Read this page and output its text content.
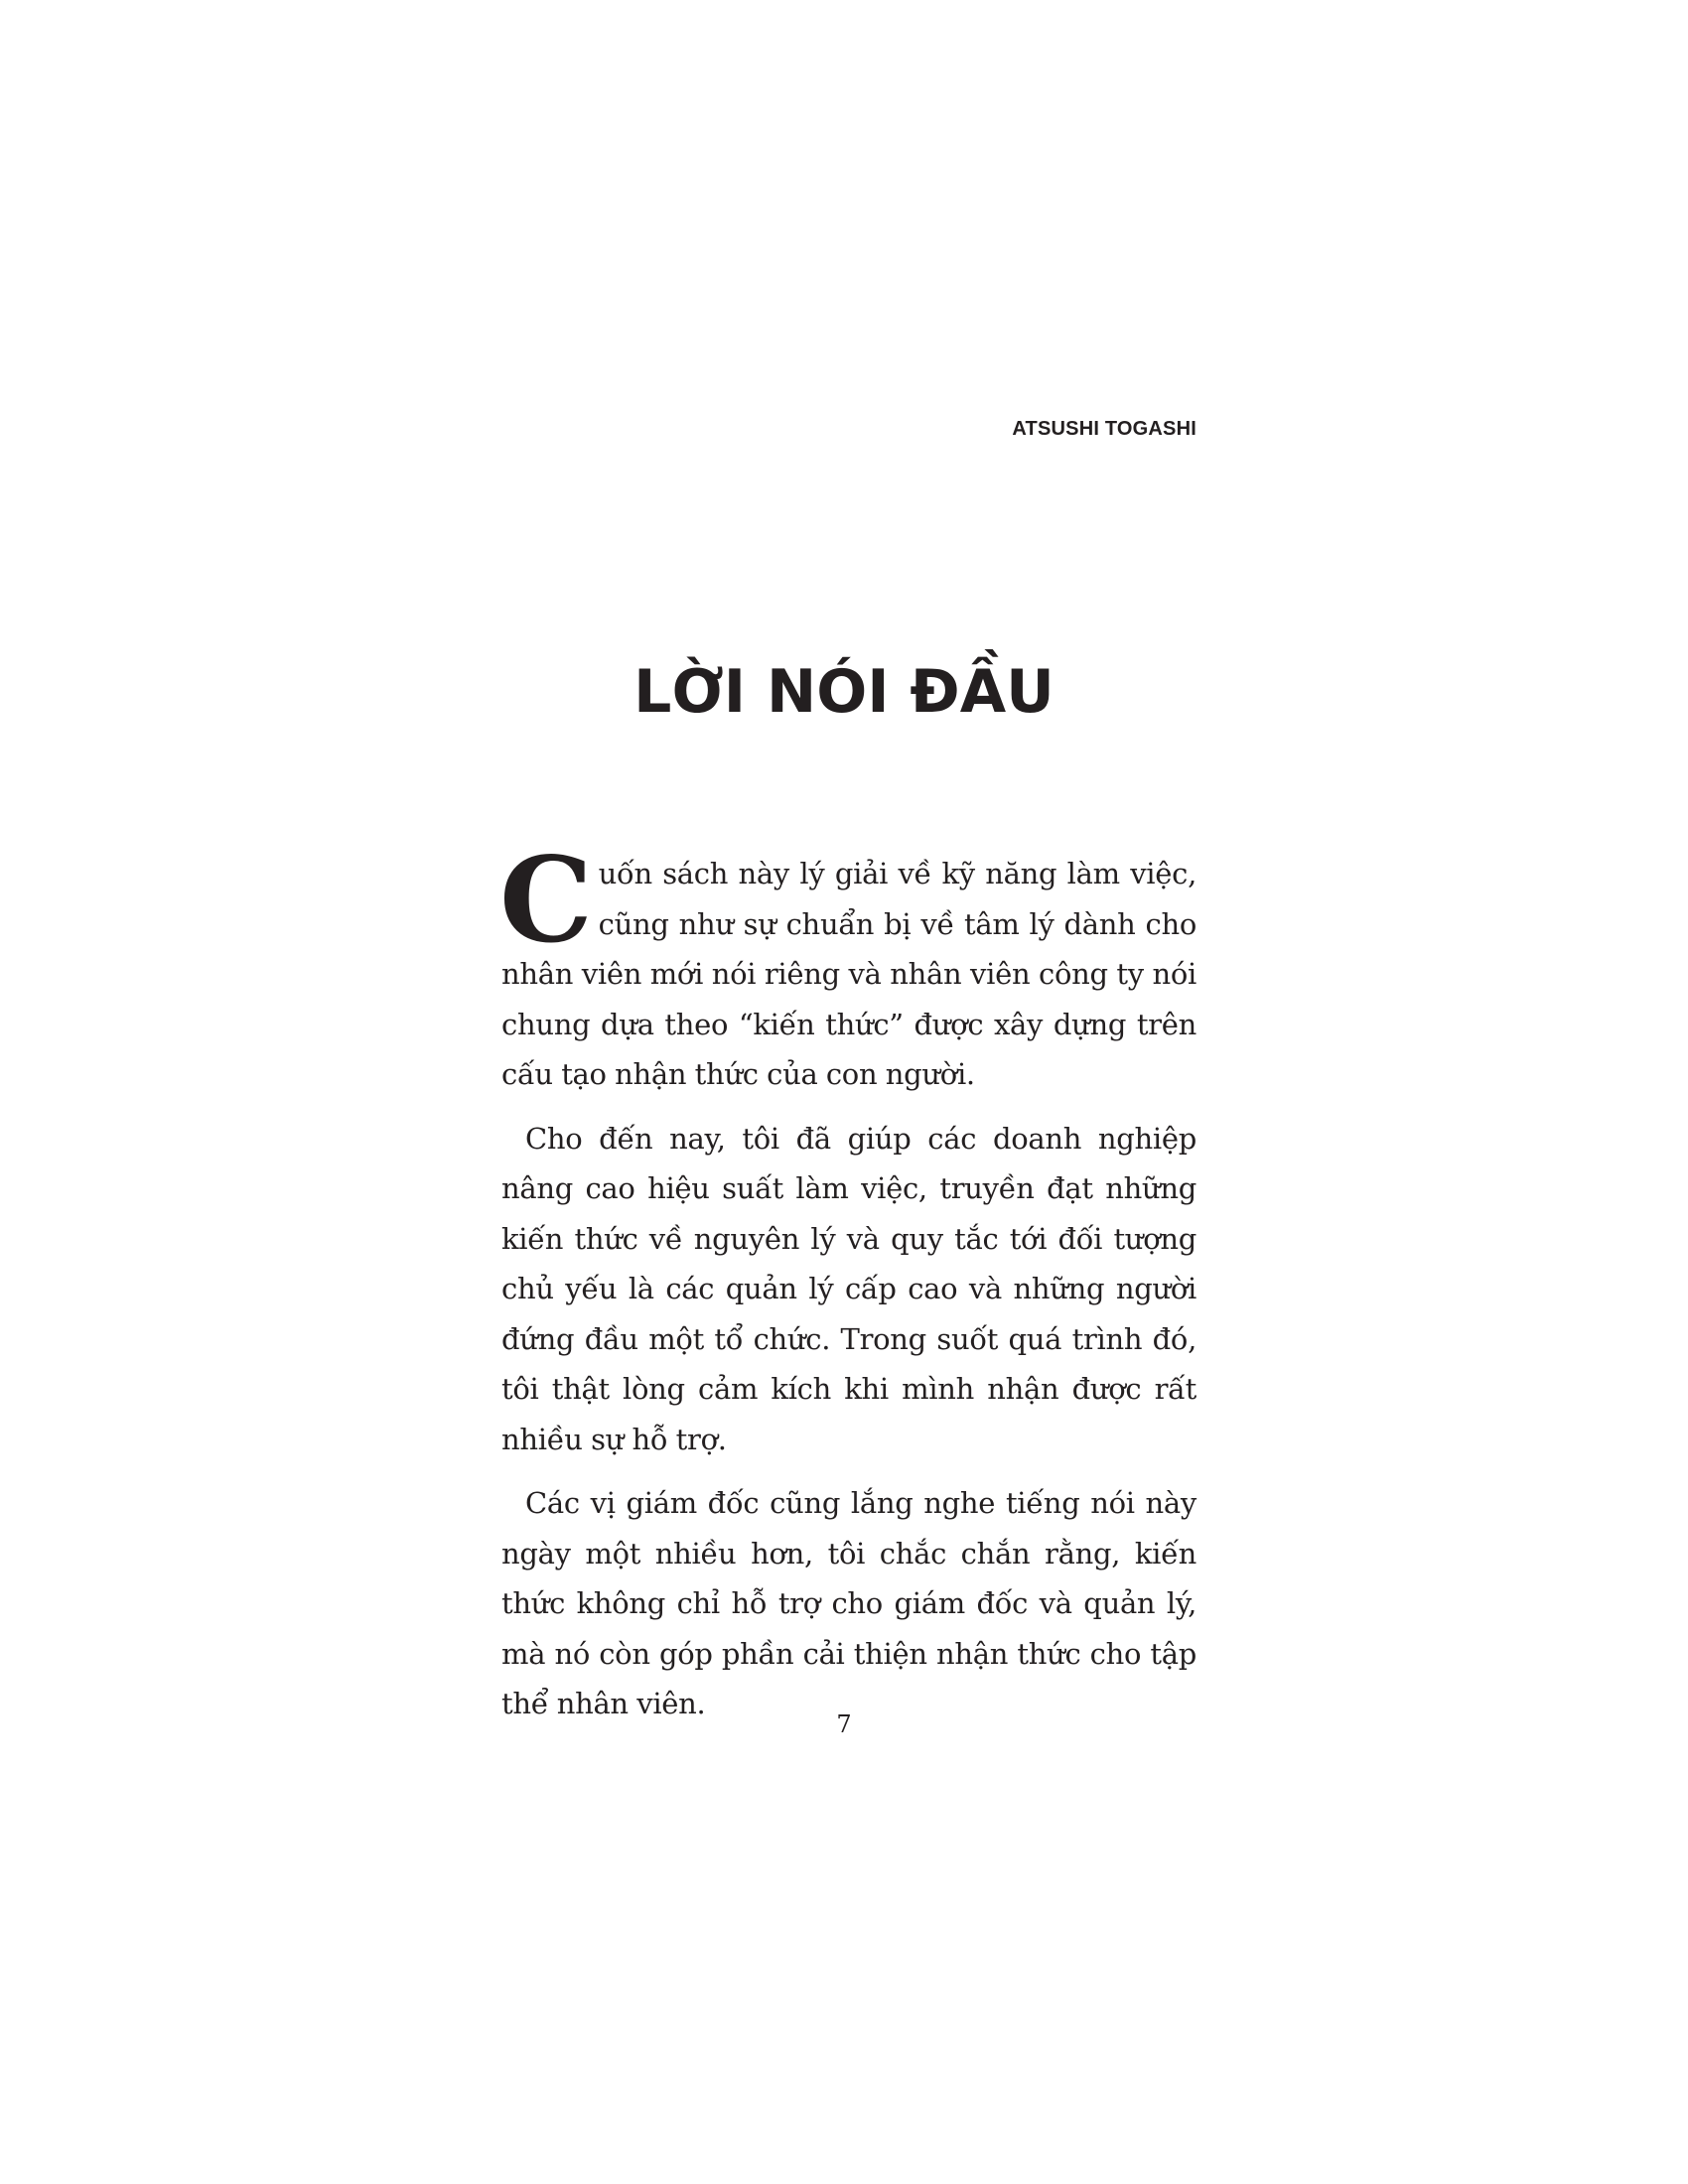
ATSUSHI TOGASHI
LỜI NÓI ĐẦU

Cuốn sách này lý giải về kỹ năng làm việc, cũng như sự chuẩn bị về tâm lý dành cho nhân viên mới nói riêng và nhân viên công ty nói chung dựa theo “kiến thức” được xây dựng trên cấu tạo nhận thức của con người.

Cho đến nay, tôi đã giúp các doanh nghiệp nâng cao hiệu suất làm việc, truyền đạt những kiến thức về nguyên lý và quy tắc tới đối tượng chủ yếu là các quản lý cấp cao và những người đứng đầu một tổ chức. Trong suốt quá trình đó, tôi thật lòng cảm kích khi mình nhận được rất nhiều sự hỗ trợ.

Các vị giám đốc cũng lắng nghe tiếng nói này ngày một nhiều hơn, tôi chắc chắn rằng, kiến thức không chỉ hỗ trợ cho giám đốc và quản lý, mà nó còn góp phần cải thiện nhận thức cho tập thể nhân viên.

7
